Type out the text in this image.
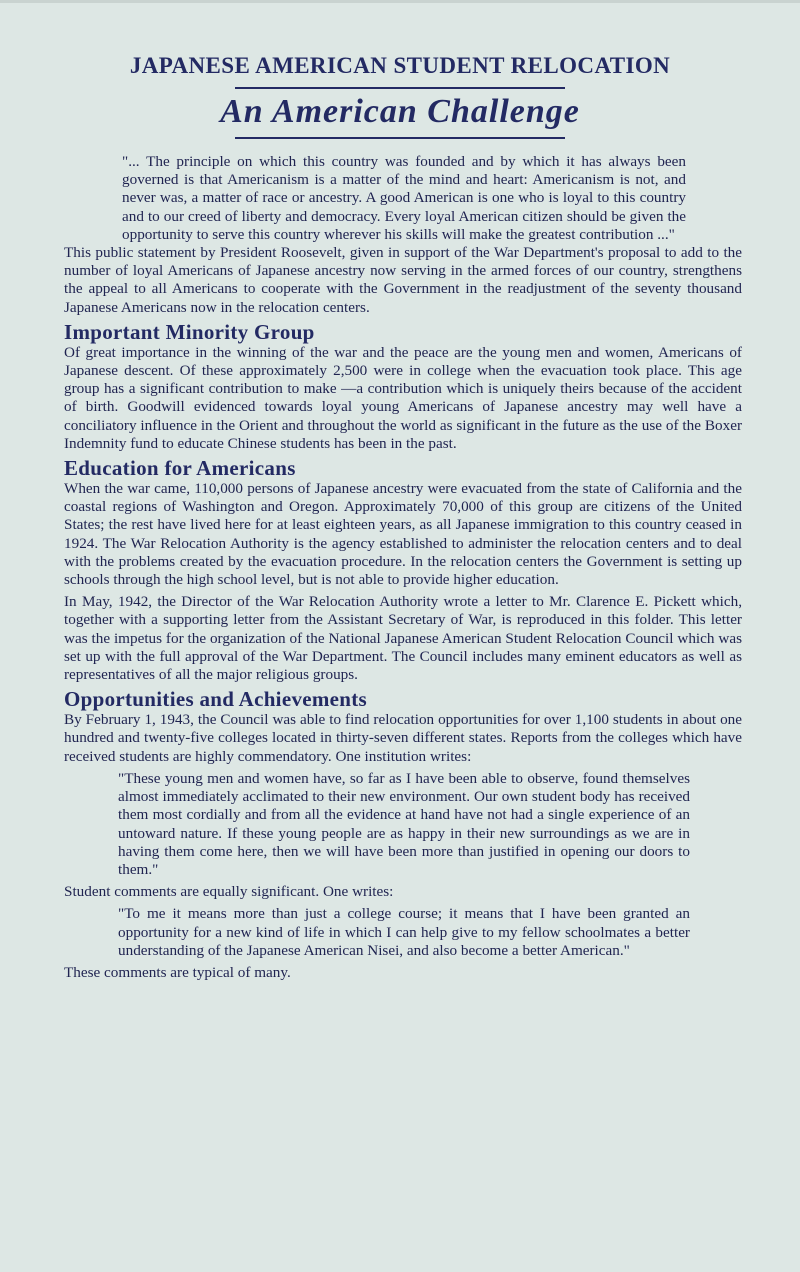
JAPANESE AMERICAN STUDENT RELOCATION
An American Challenge

"... The principle on which this country was founded and by which it has always been governed is that Americanism is a matter of the mind and heart: Americanism is not, and never was, a matter of race or ancestry. A good American is one who is loyal to this country and to our creed of liberty and democracy. Every loyal American citizen should be given the opportunity to serve this country wherever his skills will make the greatest contribution ..."

This public statement by President Roosevelt, given in support of the War Department's proposal to add to the number of loyal Americans of Japanese ancestry now serving in the armed forces of our country, strengthens the appeal to all Americans to cooperate with the Government in the readjustment of the seventy thousand Japanese Americans now in the relocation centers.

Important Minority Group

Of great importance in the winning of the war and the peace are the young men and women, Americans of Japanese descent. Of these approximately 2,500 were in college when the evacuation took place. This age group has a significant contribution to make —a contribution which is uniquely theirs because of the accident of birth. Goodwill evidenced towards loyal young Americans of Japanese ancestry may well have a conciliatory influence in the Orient and throughout the world as significant in the future as the use of the Boxer Indemnity fund to educate Chinese students has been in the past.

Education for Americans

When the war came, 110,000 persons of Japanese ancestry were evacuated from the state of California and the coastal regions of Washington and Oregon. Approximately 70,000 of this group are citizens of the United States; the rest have lived here for at least eighteen years, as all Japanese immigration to this country ceased in 1924. The War Relocation Authority is the agency established to administer the relocation centers and to deal with the problems created by the evacuation procedure. In the relocation centers the Government is setting up schools through the high school level, but is not able to provide higher education.

In May, 1942, the Director of the War Relocation Authority wrote a letter to Mr. Clarence E. Pickett which, together with a supporting letter from the Assistant Secretary of War, is reproduced in this folder. This letter was the impetus for the organization of the National Japanese American Student Relocation Council which was set up with the full approval of the War Department. The Council includes many eminent educators as well as representatives of all the major religious groups.

Opportunities and Achievements

By February 1, 1943, the Council was able to find relocation opportunities for over 1,100 students in about one hundred and twenty-five colleges located in thirty-seven different states. Reports from the colleges which have received students are highly commendatory. One institution writes:

"These young men and women have, so far as I have been able to observe, found themselves almost immediately acclimated to their new environment. Our own student body has received them most cordially and from all the evidence at hand have not had a single experience of an untoward nature. If these young people are as happy in their new surroundings as we are in having them come here, then we will have been more than justified in opening our doors to them."

Student comments are equally significant. One writes:

"To me it means more than just a college course; it means that I have been granted an opportunity for a new kind of life in which I can help give to my fellow schoolmates a better understanding of the Japanese American Nisei, and also become a better American."

These comments are typical of many.
